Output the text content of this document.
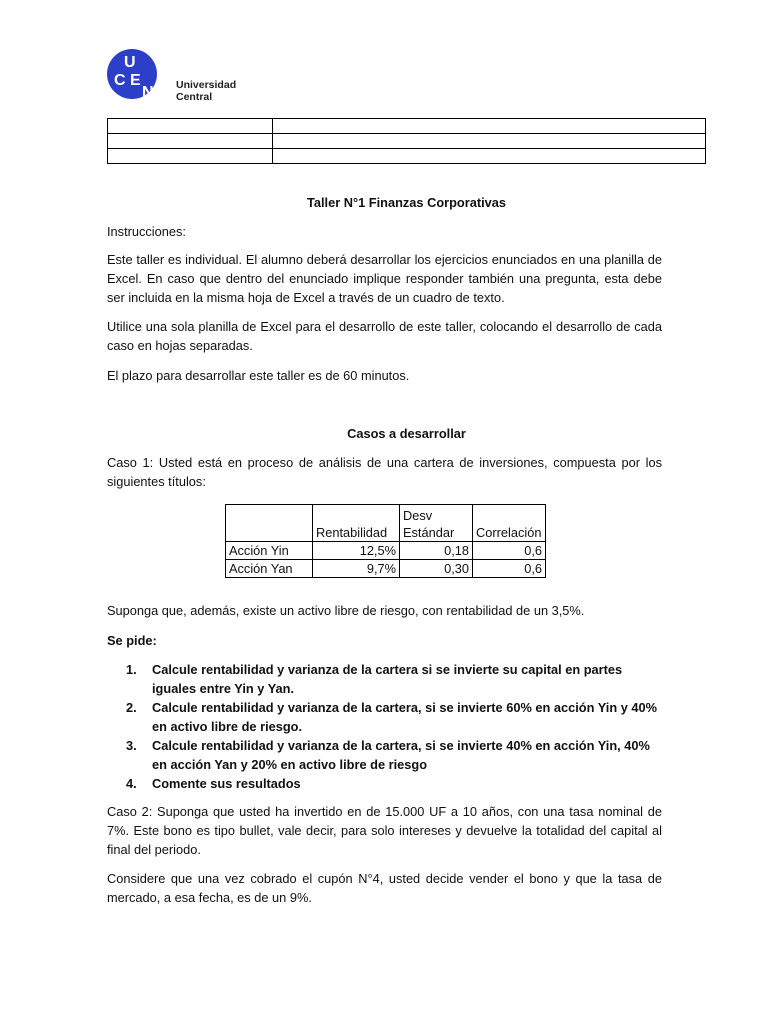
U
C E
N Universidad
Central

Taller N°1 Finanzas Corporativas
Instrucciones:
Este taller es individual. El alumno deberá desarrollar los ejercicios enunciados en una planilla de Excel. En caso que dentro del enunciado implique responder también una pregunta, esta debe ser incluida en la misma hoja de Excel a través de un cuadro de texto.
Utilice una sola planilla de Excel para el desarrollo de este taller, colocando el desarrollo de cada caso en hojas separadas.
El plazo para desarrollar este taller es de 60 minutos.
Casos a desarrollar
Caso 1: Usted está en proceso de análisis de una cartera de inversiones, compuesta por los siguientes títulos:
	Rentabilidad	Desv Estándar	Correlación
Acción Yin	12,5%	0,18	0,6
Acción Yan	9,7%	0,30	0,6
Suponga que, además, existe un activo libre de riesgo, con rentabilidad de un 3,5%.
Se pide:
1. Calcule rentabilidad y varianza de la cartera si se invierte su capital en partes iguales entre Yin y Yan.
2. Calcule rentabilidad y varianza de la cartera, si se invierte 60% en acción Yin y 40% en activo libre de riesgo.
3. Calcule rentabilidad y varianza de la cartera, si se invierte 40% en acción Yin, 40% en acción Yan y 20% en activo libre de riesgo
4. Comente sus resultados
Caso 2: Suponga que usted ha invertido en de 15.000 UF a 10 años, con una tasa nominal de 7%. Este bono es tipo bullet, vale decir, para solo intereses y devuelve la totalidad del capital al final del periodo.
Considere que una vez cobrado el cupón N°4, usted decide vender el bono y que la tasa de mercado, a esa fecha, es de un 9%.
